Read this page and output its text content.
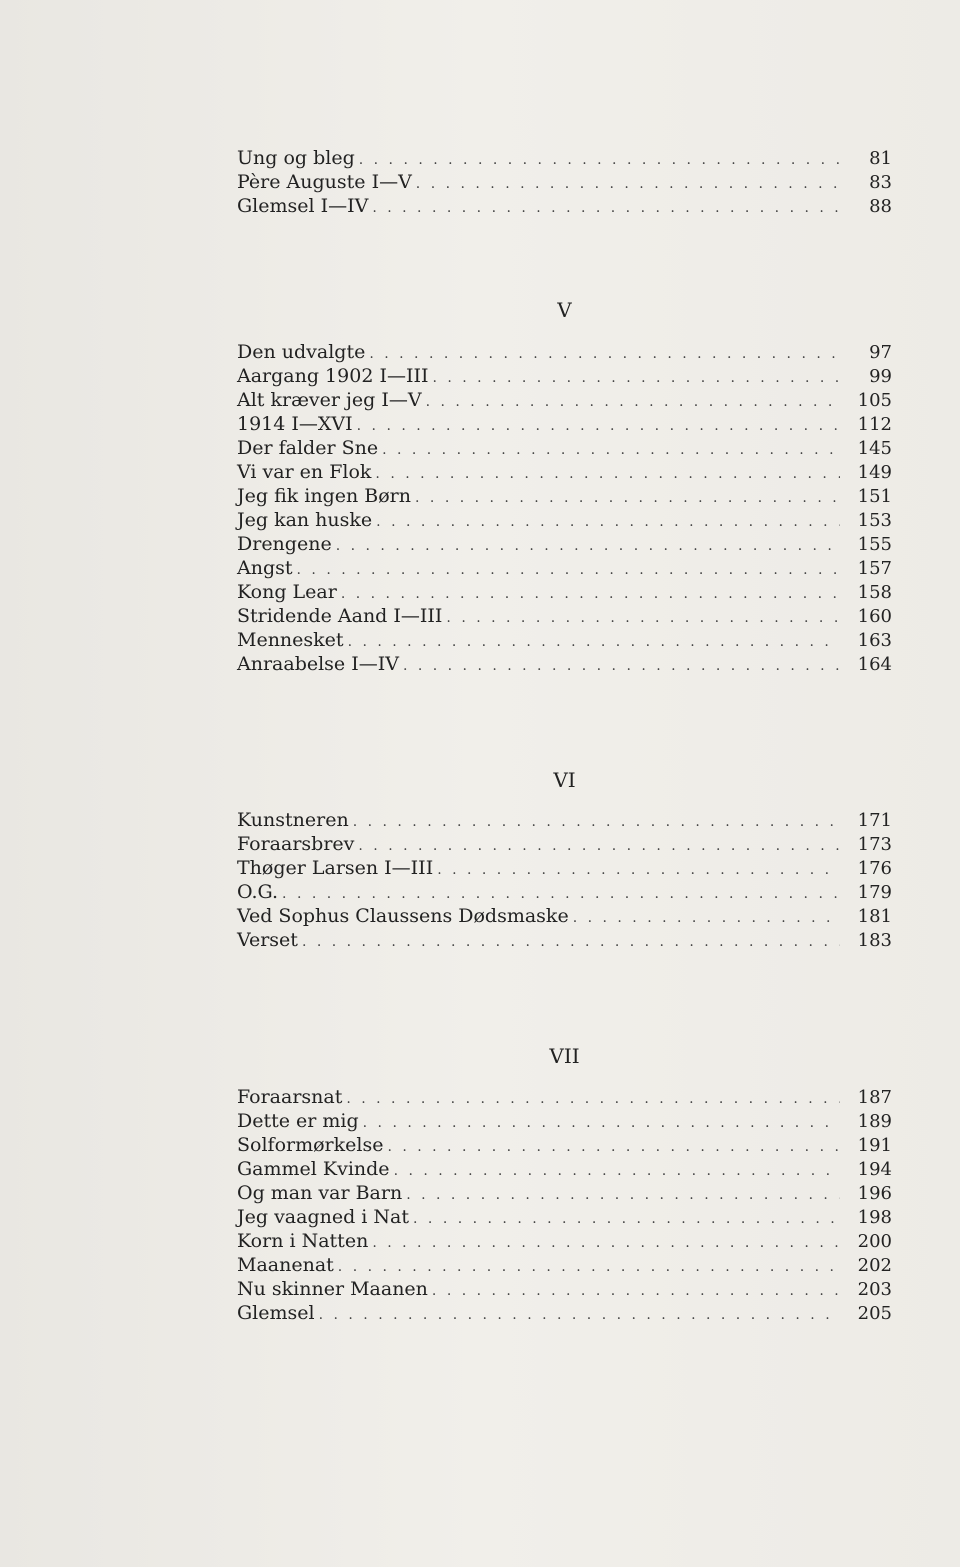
Ung og bleg . . .	81
Père Auguste I—V . . .	83
Glemsel I—IV . . .	88
V
Den udvalgte . . .	97
Aargang 1902 I—III . . .	99
Alt kræver jeg I—V . . .	105
1914 I—XVI . . .	112
Der falder Sne . . .	145
Vi var en Flok . . .	149
Jeg fik ingen Børn . . .	151
Jeg kan huske . . .	153
Drengene . . .	155
Angst . . .	157
Kong Lear . . .	158
Stridende Aand I—III . . .	160
Mennesket . . .	163
Anraabelse I—IV . . .	164
VI
Kunstneren . . .	171
Foraarsbrev . . .	173
Thøger Larsen I—III . . .	176
O.G. . . .	179
Ved Sophus Claussens Dødsmaske . . .	181
Verset . . .	183
VII
Foraarsnat . . .	187
Dette er mig . . .	189
Solformørkelse . . .	191
Gammel Kvinde . . .	194
Og man var Barn . . .	196
Jeg vaagned i Nat . . .	198
Korn i Natten . . .	200
Maanenat . . .	202
Nu skinner Maanen . . .	203
Glemsel . . .	205
